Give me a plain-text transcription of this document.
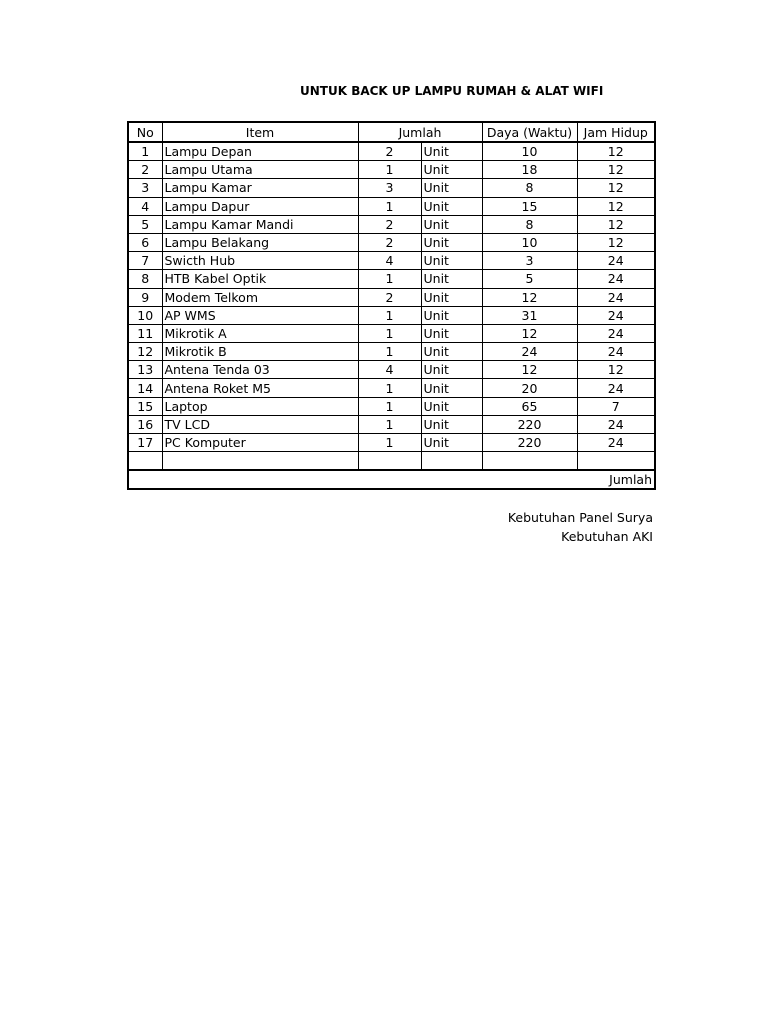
UNTUK BACK UP LAMPU RUMAH & ALAT WIFI
No	Item	Jumlah		Daya (Waktu)	Jam Hidup
1	Lampu Depan	2	Unit	10	12
2	Lampu Utama	1	Unit	18	12
3	Lampu Kamar	3	Unit	8	12
4	Lampu Dapur	1	Unit	15	12
5	Lampu Kamar Mandi	2	Unit	8	12
6	Lampu Belakang	2	Unit	10	12
7	Swicth Hub	4	Unit	3	24
8	HTB Kabel Optik	1	Unit	5	24
9	Modem Telkom	2	Unit	12	24
10	AP WMS	1	Unit	31	24
11	Mikrotik A	1	Unit	12	24
12	Mikrotik B	1	Unit	24	24
13	Antena Tenda 03	4	Unit	12	12
14	Antena Roket M5	1	Unit	20	24
15	Laptop	1	Unit	65	7
16	TV LCD	1	Unit	220	24
17	PC Komputer	1	Unit	220	24

Jumlah					
Kebutuhan Panel Surya
Kebutuhan AKI
